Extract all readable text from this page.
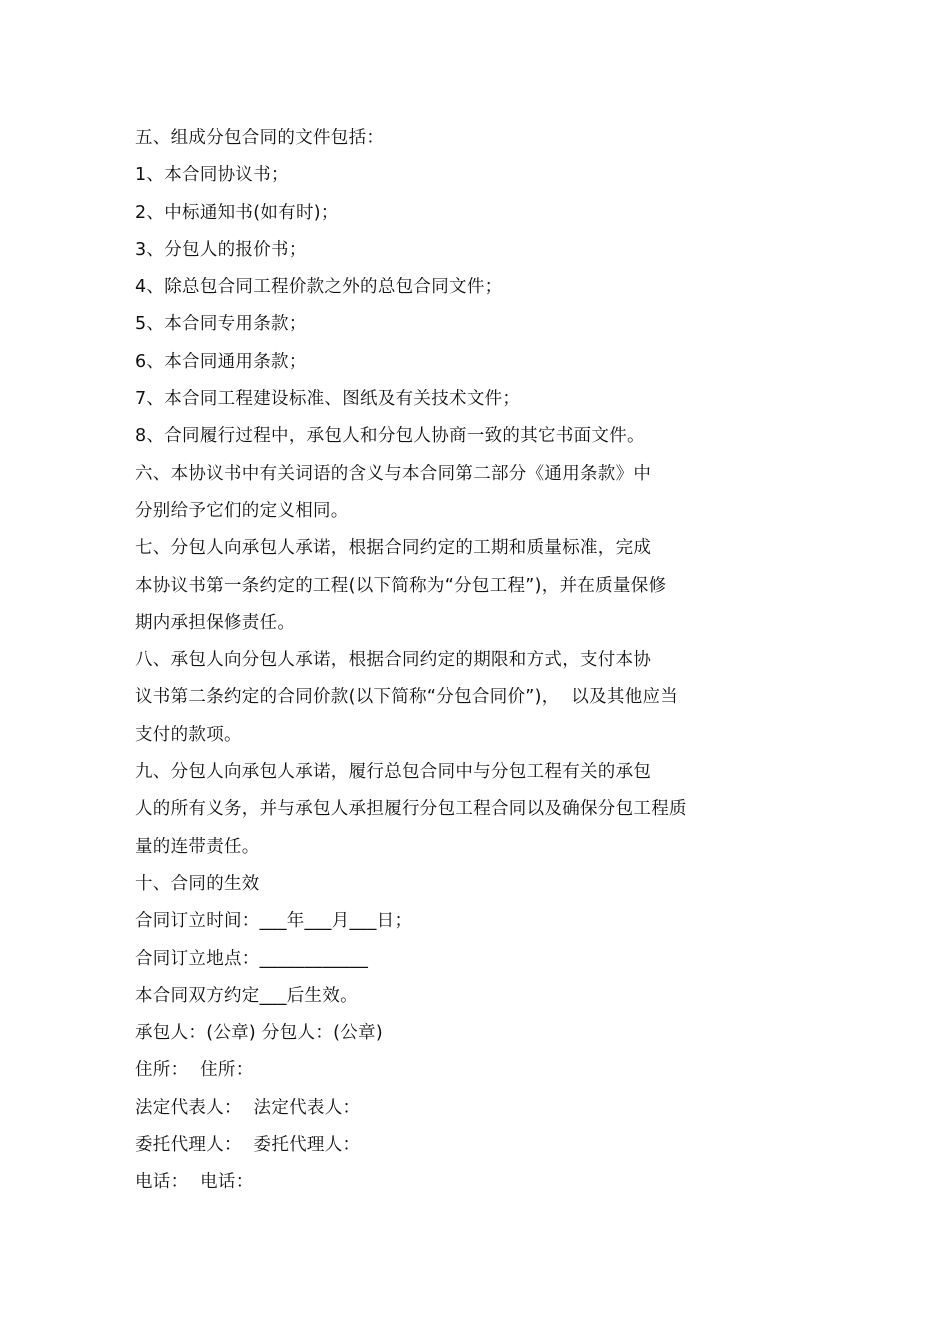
五、组成分包合同的文件包括：
1、本合同协议书；
2、中标通知书(如有时)；
3、分包人的报价书；
4、除总包合同工程价款之外的总包合同文件；
5、本合同专用条款；
6、本合同通用条款；
7、本合同工程建设标准、图纸及有关技术文件；
8、合同履行过程中，承包人和分包人协商一致的其它书面文件。
六、本协议书中有关词语的含义与本合同第二部分《通用条款》中
分别给予它们的定义相同。
七、分包人向承包人承诺，根据合同约定的工期和质量标准，完成
本协议书第一条约定的工程(以下简称为“分包工程”)，并在质量保修
期内承担保修责任。
八、承包人向分包人承诺，根据合同约定的期限和方式，支付本协
议书第二条约定的合同价款(以下简称“分包合同价”)，  以及其他应当
支付的款项。
九、分包人向承包人承诺，履行总包合同中与分包工程有关的承包
人的所有义务，并与承包人承担履行分包工程合同以及确保分包工程质
量的连带责任。
十、合同的生效
合同订立时间：___年___月___日；
合同订立地点：____________
本合同双方约定___后生效。
承包人：(公章) 分包人：(公章)
住所：  住所：
法定代表人：  法定代表人：
委托代理人：  委托代理人：
电话：  电话：
